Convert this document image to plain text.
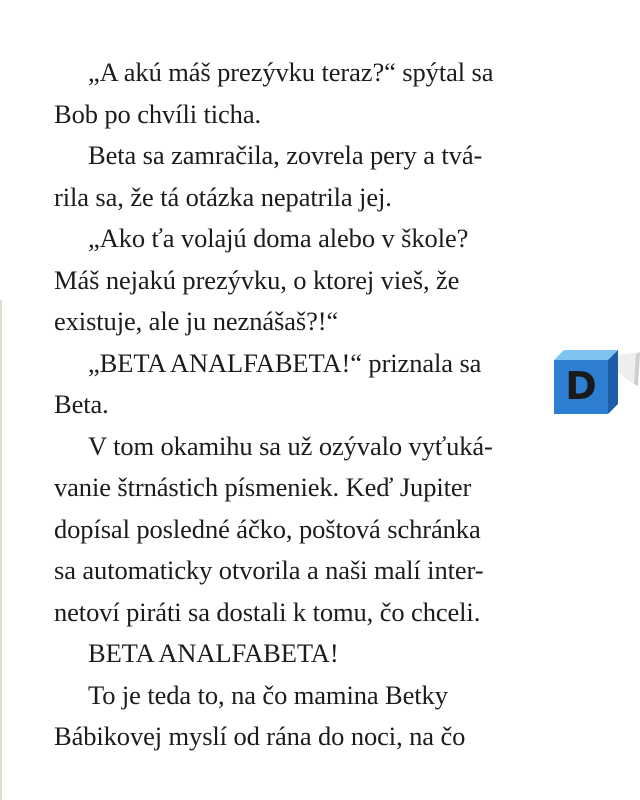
„A akú máš prezývku teraz?“ spýtal sa
Bob po chvíli ticha.
Beta sa zamračila, zovrela pery a tvá-
rila sa, že tá otázka nepatrila jej.
„Ako ťa volajú doma alebo v škole?
Máš nejakú prezývku, o ktorej vieš, že
existuje, ale ju neznášaš?!“
„BETA ANALFABETA!“ priznala sa
Beta.
V tom okamihu sa už ozývalo vyťuká-
vanie štrnástich písmeniek. Keď Jupiter
dopísal posledné áčko, poštová schránka
sa automaticky otvorila a naši malí inter-
netoví piráti sa dostali k tomu, čo chceli.
BETA ANALFABETA!
To je teda to, na čo mamina Betky
Bábikovej myslí od rána do noci, na čo
D
